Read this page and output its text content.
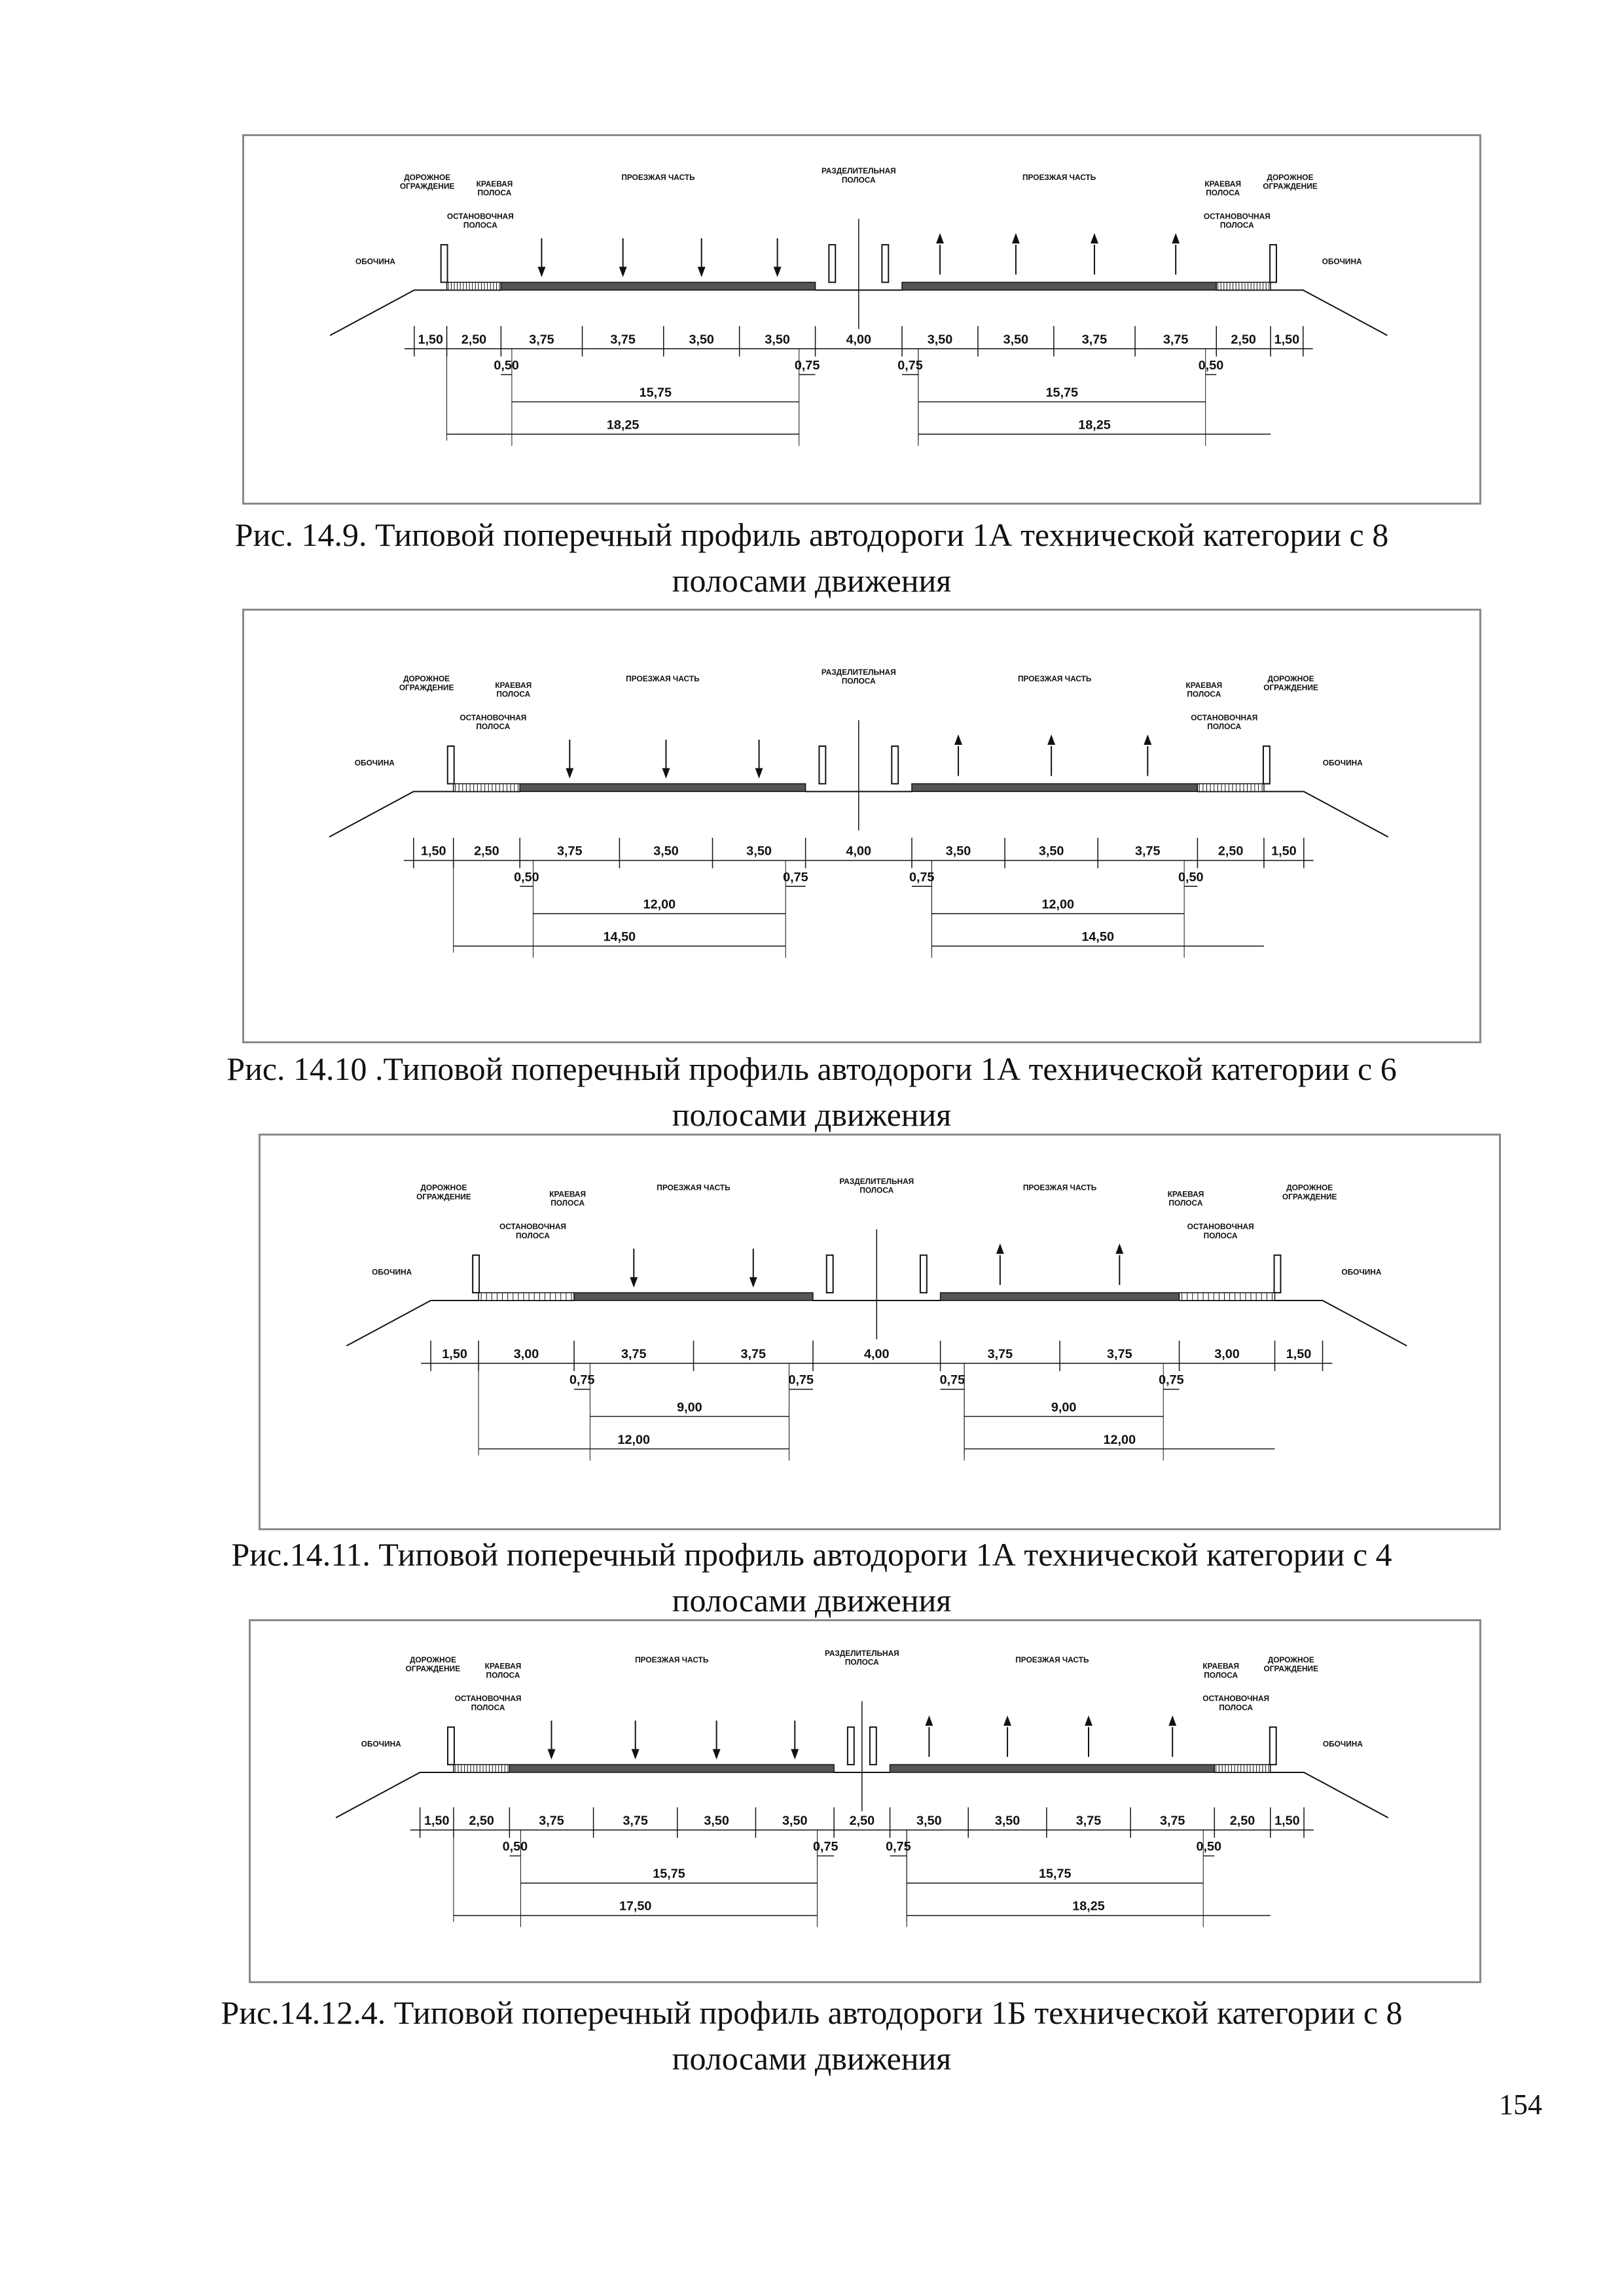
ДОРОЖНОЕ ОГРАЖДЕНИЕ
ДОРОЖНОЕ ОГРАЖДЕНИЕ
КРАЕВАЯ ПОЛОСА
КРАЕВАЯ ПОЛОСА
ПРОЕЗЖАЯ ЧАСТЬ	ПРОЕЗЖАЯ ЧАСТЬ
РАЗДЕЛИТЕЛЬНАЯ ПОЛОСА
ОСТАНОВОЧНАЯ ПОЛОСА
ОСТАНОВОЧНАЯ ПОЛОСА
ОБОЧИНА	ОБОЧИНА
1,50 2,50	3,75	3,75	3,50	3,50	4,00	3,50	3,50	3,75	3,75	2,50 1,50
0,50	0,75	0,75	0,50
15,75	15,75
18,25	18,25
Рис. 14.9. Типовой поперечный профиль автодороги 1А технической категории с 8 полосами движения
ДОРОЖНОЕ ОГРАЖДЕНИЕ
ДОРОЖНОЕ ОГРАЖДЕНИЕ
КРАЕВАЯ ПОЛОСА
КРАЕВАЯ ПОЛОСА
ПРОЕЗЖАЯ ЧАСТЬ	ПРОЕЗЖАЯ ЧАСТЬ
РАЗДЕЛИТЕЛЬНАЯ ПОЛОСА
ОСТАНОВОЧНАЯ ПОЛОСА
ОСТАНОВОЧНАЯ ПОЛОСА
ОБОЧИНА	ОБОЧИНА
1,50 2,50	3,75	3,50	3,50	4,00	3,50	3,50	3,75	2,50 1,50
0,50	0,75	0,75	0,50
12,00	12,00
14,50	14,50
Рис. 14.10 .Типовой поперечный профиль автодороги 1А технической категории с 6 полосами движения
ДОРОЖНОЕ ОГРАЖДЕНИЕ
ДОРОЖНОЕ ОГРАЖДЕНИЕ
КРАЕВАЯ ПОЛОСА
КРАЕВАЯ ПОЛОСА
ПРОЕЗЖАЯ ЧАСТЬ	ПРОЕЗЖАЯ ЧАСТЬ
РАЗДЕЛИТЕЛЬНАЯ ПОЛОСА
ОСТАНОВОЧНАЯ ПОЛОСА
ОСТАНОВОЧНАЯ ПОЛОСА
ОБОЧИНА	ОБОЧИНА
1,50	3,00	3,75	3,75	4,00	3,75	3,75	3,00	1,50
0,75	0,75	0,75	0,75
9,00	9,00
12,00	12,00
Рис.14.11. Типовой поперечный профиль автодороги 1А технической категории с 4 полосами движения
ДОРОЖНОЕ ОГРАЖДЕНИЕ
ДОРОЖНОЕ ОГРАЖДЕНИЕ
КРАЕВАЯ ПОЛОСА
КРАЕВАЯ ПОЛОСА
ПРОЕЗЖАЯ ЧАСТЬ	ПРОЕЗЖАЯ ЧАСТЬ
РАЗДЕЛИТЕЛЬНАЯ ПОЛОСА
ОСТАНОВОЧНАЯ ПОЛОСА
ОСТАНОВОЧНАЯ ПОЛОСА
ОБОЧИНА	ОБОЧИНА
1,50 2,50	3,75	3,75	3,50	3,50	2,50	3,50	3,50	3,75	3,75	2,50 1,50
0,50	0,75	0,75	0,50
15,75	15,75
17,50	18,25
Рис.14.12.4. Типовой поперечный профиль автодороги 1Б технической категории с 8 полосами движения
154
